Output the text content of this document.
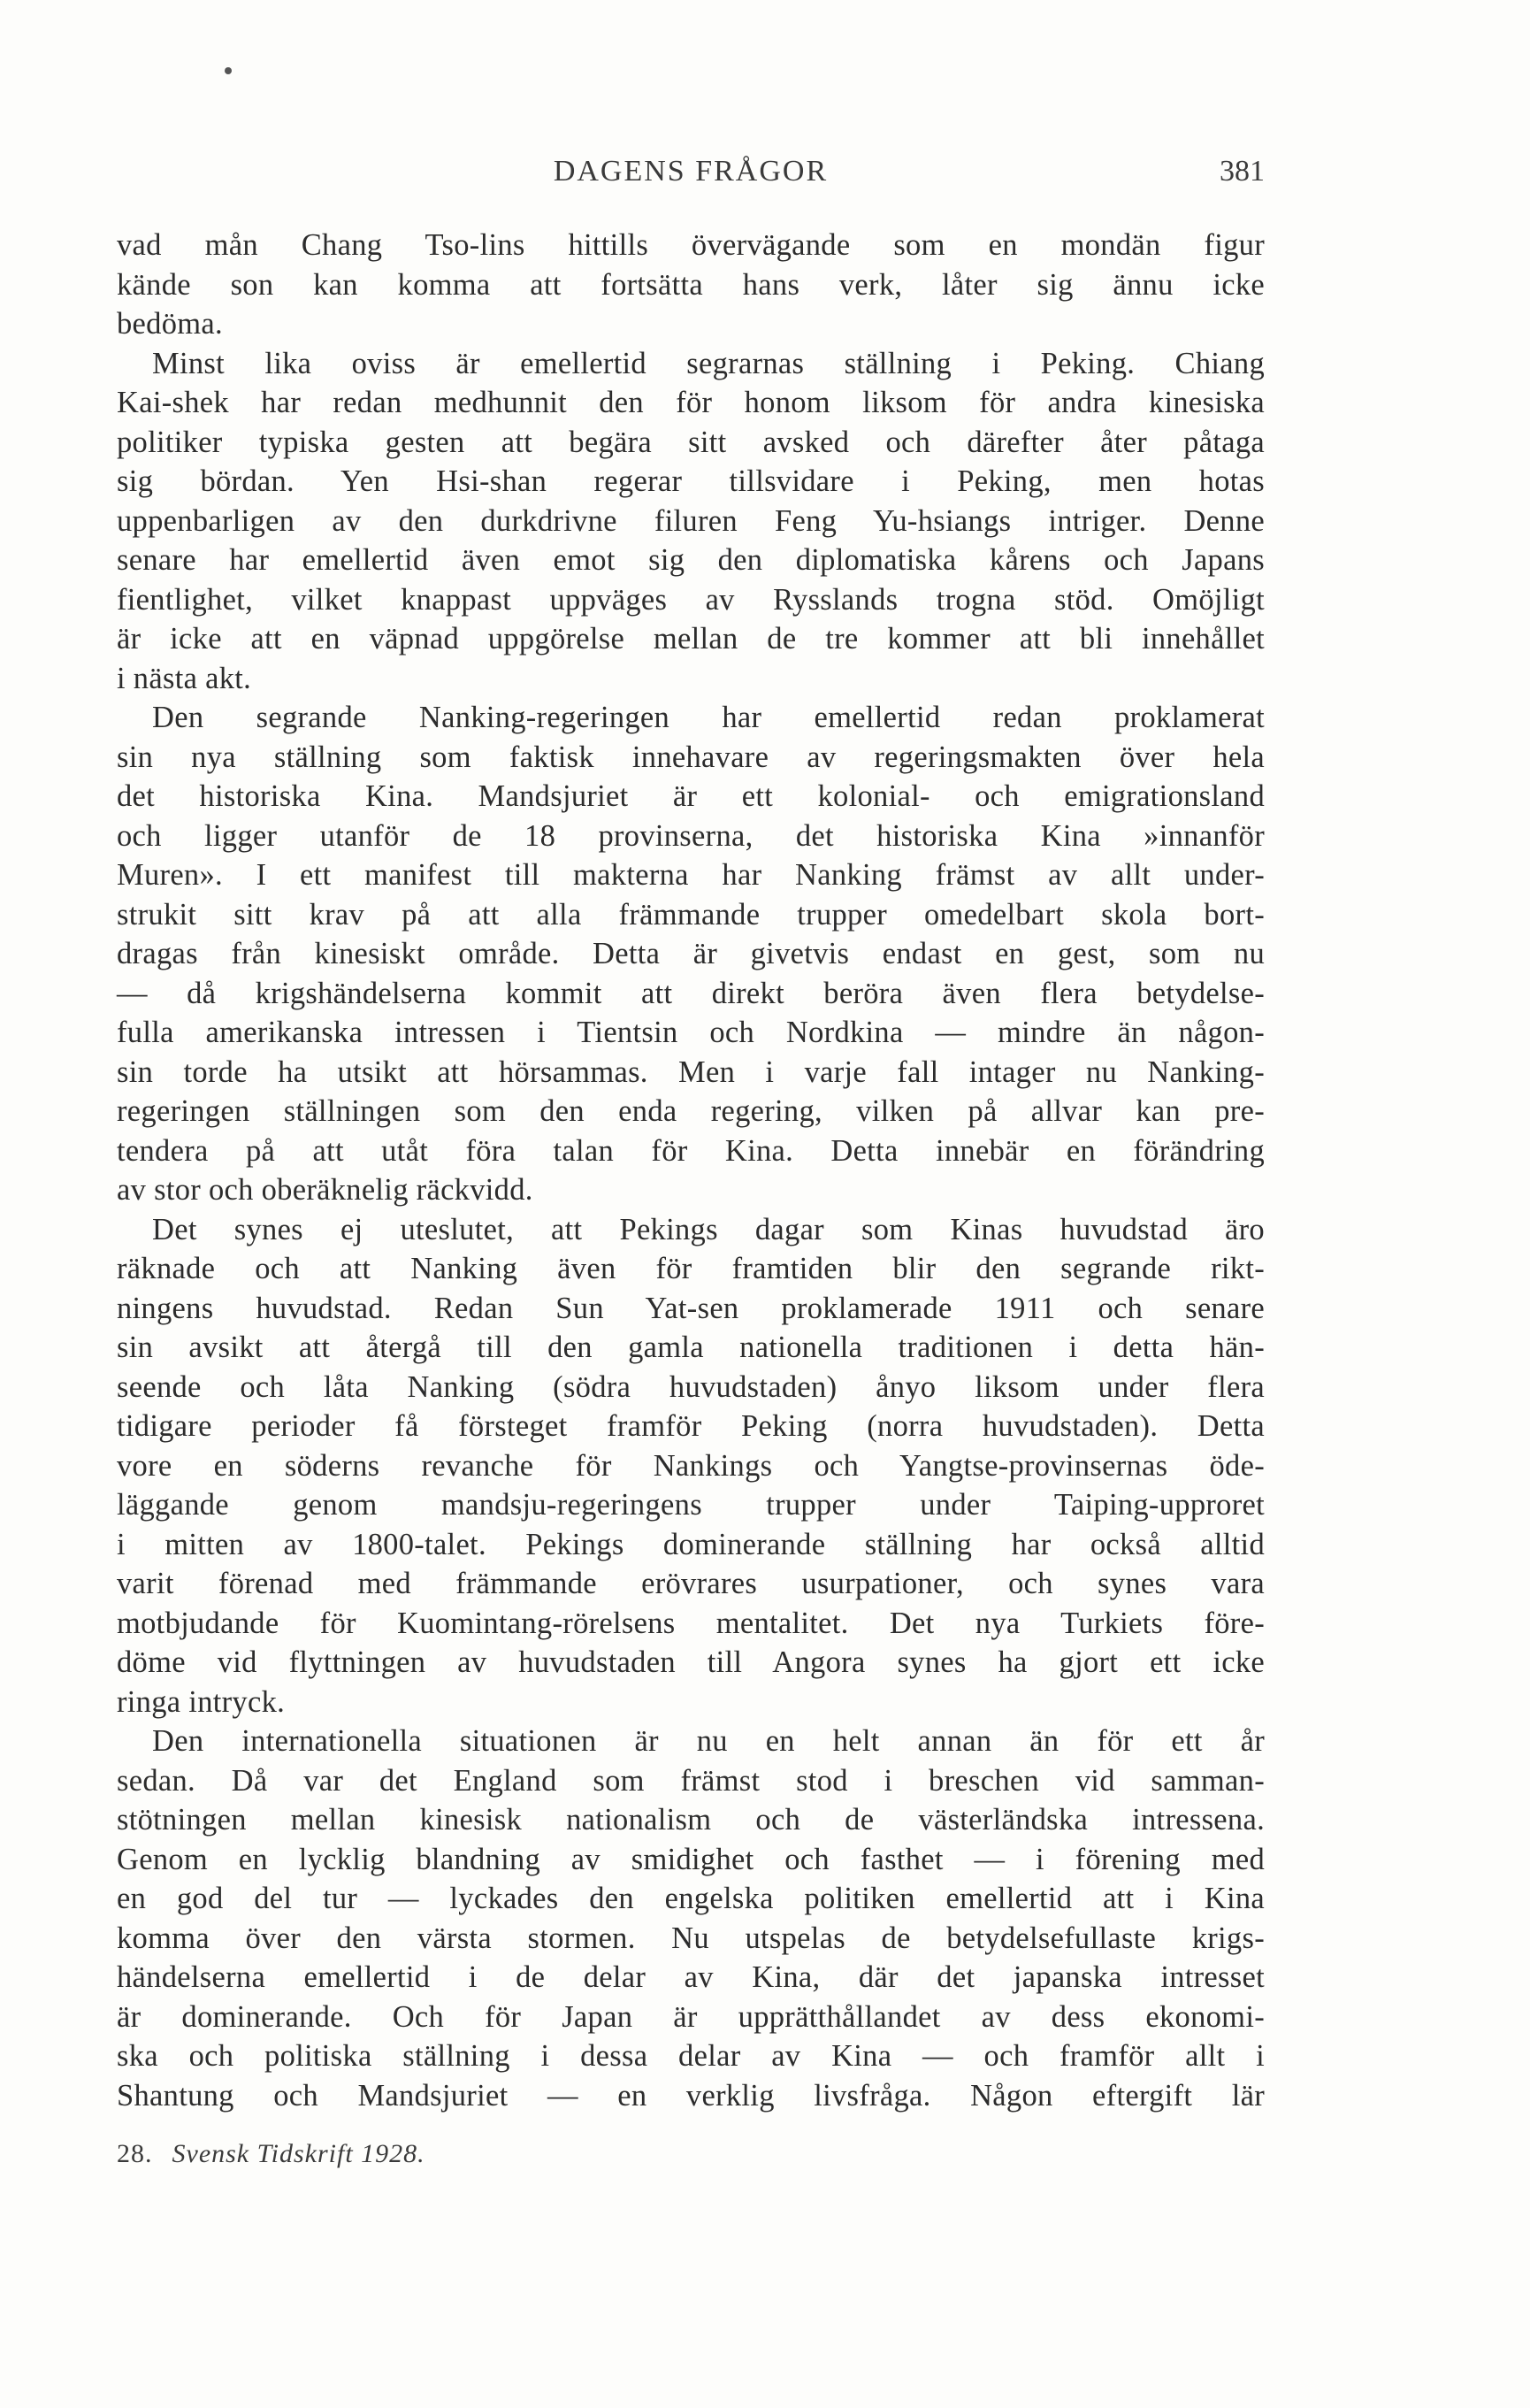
DAGENS FRÅGOR	381
vad mån Chang Tso-lins hittills övervägande som en mondän figur
kände son kan komma att fortsätta hans verk, låter sig ännu icke
bedöma.
Minst lika oviss är emellertid segrarnas ställning i Peking. Chiang
Kai-shek har redan medhunnit den för honom liksom för andra kinesiska
politiker typiska gesten att begära sitt avsked och därefter åter påtaga
sig bördan. Yen Hsi-shan regerar tillsvidare i Peking, men hotas
uppenbarligen av den durkdrivne filuren Feng Yu-hsiangs intriger. Denne
senare har emellertid även emot sig den diplomatiska kårens och Japans
fientlighet, vilket knappast uppväges av Rysslands trogna stöd. Omöjligt
är icke att en väpnad uppgörelse mellan de tre kommer att bli innehållet
i nästa akt.
Den segrande Nanking-regeringen har emellertid redan proklamerat
sin nya ställning som faktisk innehavare av regeringsmakten över hela
det historiska Kina. Mandsjuriet är ett kolonial- och emigrationsland
och ligger utanför de 18 provinserna, det historiska Kina »innanför
Muren». I ett manifest till makterna har Nanking främst av allt under-
strukit sitt krav på att alla främmande trupper omedelbart skola bort-
dragas från kinesiskt område. Detta är givetvis endast en gest, som nu
— då krigshändelserna kommit att direkt beröra även flera betydelse-
fulla amerikanska intressen i Tientsin och Nordkina — mindre än någon-
sin torde ha utsikt att hörsammas. Men i varje fall intager nu Nanking-
regeringen ställningen som den enda regering, vilken på allvar kan pre-
tendera på att utåt föra talan för Kina. Detta innebär en förändring
av stor och oberäknelig räckvidd.
Det synes ej uteslutet, att Pekings dagar som Kinas huvudstad äro
räknade och att Nanking även för framtiden blir den segrande rikt-
ningens huvudstad. Redan Sun Yat-sen proklamerade 1911 och senare
sin avsikt att återgå till den gamla nationella traditionen i detta hän-
seende och låta Nanking (södra huvudstaden) ånyo liksom under flera
tidigare perioder få försteget framför Peking (norra huvudstaden). Detta
vore en söderns revanche för Nankings och Yangtse-provinsernas öde-
läggande genom mandsju-regeringens trupper under Taiping-upproret
i mitten av 1800-talet. Pekings dominerande ställning har också alltid
varit förenad med främmande erövrares usurpationer, och synes vara
motbjudande för Kuomintang-rörelsens mentalitet. Det nya Turkiets före-
döme vid flyttningen av huvudstaden till Angora synes ha gjort ett icke
ringa intryck.
Den internationella situationen är nu en helt annan än för ett år
sedan. Då var det England som främst stod i breschen vid samman-
stötningen mellan kinesisk nationalism och de västerländska intressena.
Genom en lycklig blandning av smidighet och fasthet — i förening med
en god del tur — lyckades den engelska politiken emellertid att i Kina
komma över den värsta stormen. Nu utspelas de betydelsefullaste krigs-
händelserna emellertid i de delar av Kina, där det japanska intresset
är dominerande. Och för Japan är upprätthållandet av dess ekonomi-
ska och politiska ställning i dessa delar av Kina — och framför allt i
Shantung och Mandsjuriet — en verklig livsfråga. Någon eftergift lär
28. Svensk Tidskrift 1928.
